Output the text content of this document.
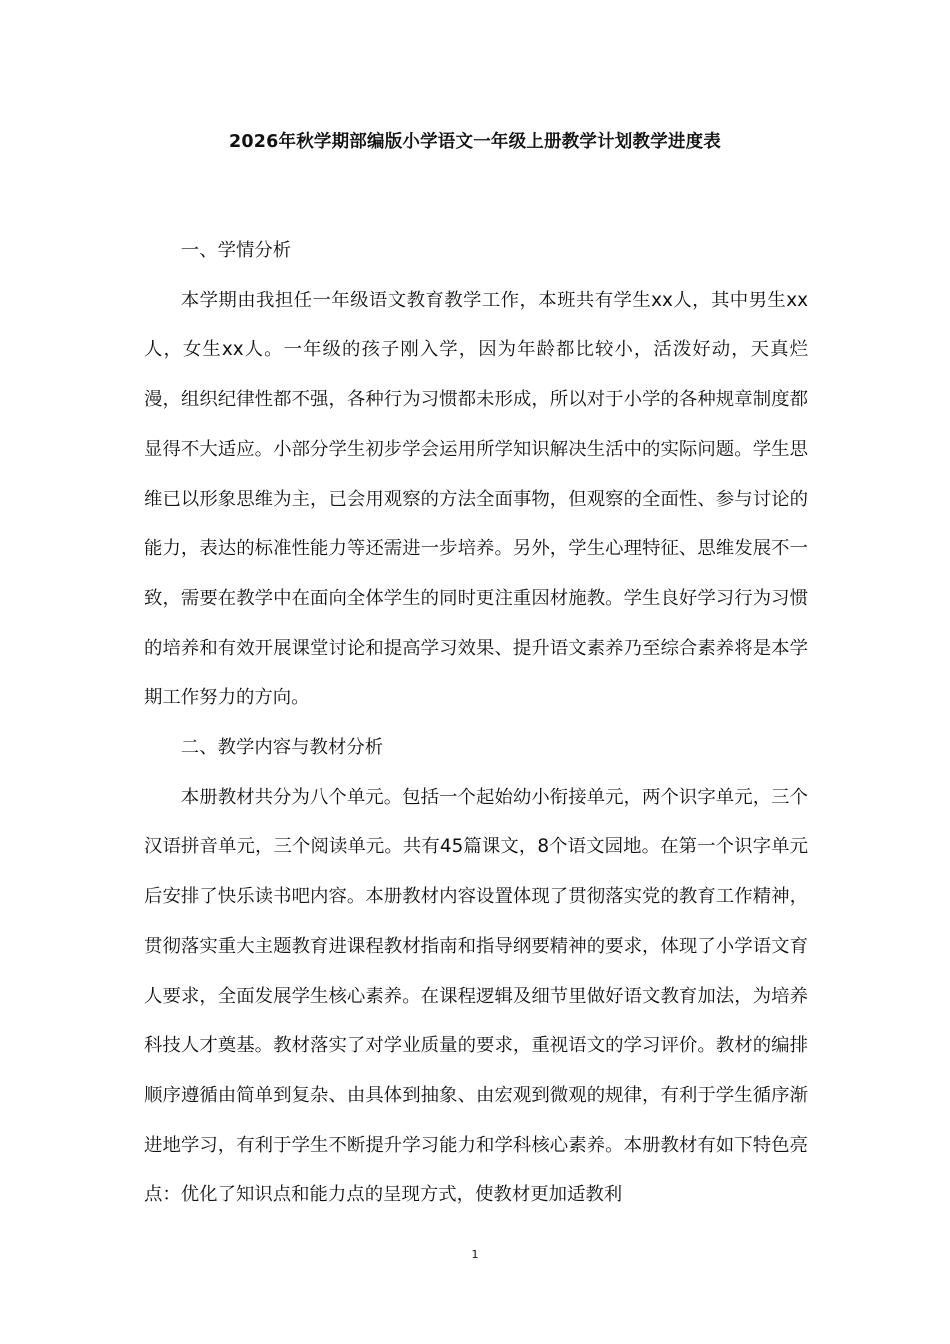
2026年秋学期部编版小学语文一年级上册教学计划教学进度表

一、学情分析

本学期由我担任一年级语文教育教学工作，本班共有学生xx人，其中男生xx人，女生xx人。一年级的孩子刚入学，因为年龄都比较小，活泼好动，天真烂漫，组织纪律性都不强，各种行为习惯都未形成，所以对于小学的各种规章制度都显得不大适应。小部分学生初步学会运用所学知识解决生活中的实际问题。学生思维已以形象思维为主，已会用观察的方法全面事物，但观察的全面性、参与讨论的能力，表达的标准性能力等还需进一步培养。另外，学生心理特征、思维发展不一致，需要在教学中在面向全体学生的同时更注重因材施教。学生良好学习行为习惯的培养和有效开展课堂讨论和提高学习效果、提升语文素养乃至综合素养将是本学期工作努力的方向。

二、教学内容与教材分析

本册教材共分为八个单元。包括一个起始幼小衔接单元，两个识字单元，三个汉语拼音单元，三个阅读单元。共有45篇课文，8个语文园地。在第一个识字单元后安排了快乐读书吧内容。本册教材内容设置体现了贯彻落实党的教育工作精神，贯彻落实重大主题教育进课程教材指南和指导纲要精神的要求，体现了小学语文育人要求，全面发展学生核心素养。在课程逻辑及细节里做好语文教育加法，为培养科技人才奠基。教材落实了对学业质量的要求，重视语文的学习评价。教材的编排顺序遵循由简单到复杂、由具体到抽象、由宏观到微观的规律，有利于学生循序渐进地学习，有利于学生不断提升学习能力和学科核心素养。本册教材有如下特色亮点：优化了知识点和能力点的呈现方式，使教材更加适教利

1
